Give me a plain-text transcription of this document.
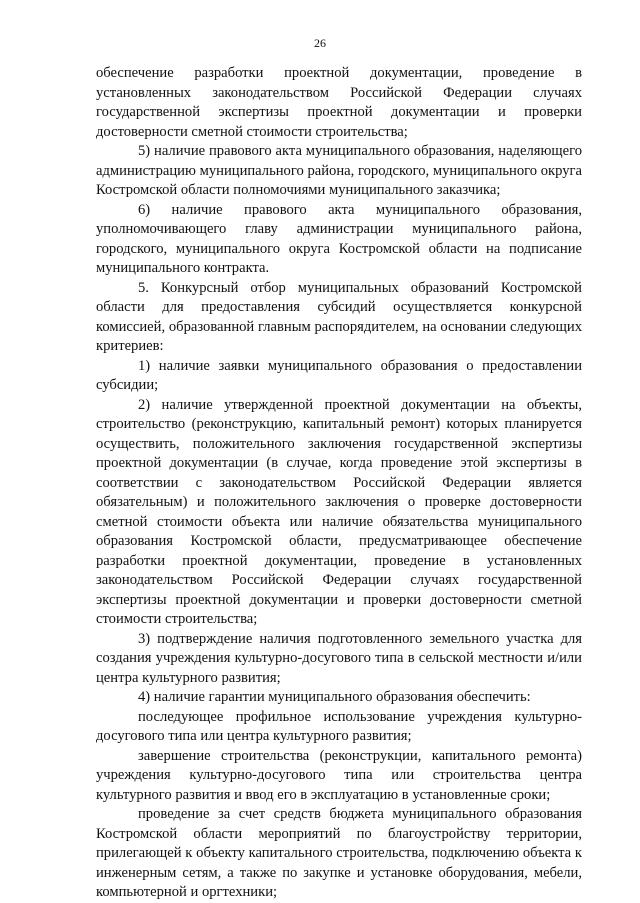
26

обеспечение разработки проектной документации, проведение в установленных законодательством Российской Федерации случаях государственной экспертизы проектной документации и проверки достоверности сметной стоимости строительства;

5) наличие правового акта муниципального образования, наделяющего администрацию муниципального района, городского, муниципального округа Костромской области полномочиями муниципального заказчика;

6) наличие правового акта муниципального образования, уполномочивающего главу администрации муниципального района, городского, муниципального округа Костромской области на подписание муниципального контракта.

5. Конкурсный отбор муниципальных образований Костромской области для предоставления субсидий осуществляется конкурсной комиссией, образованной главным распорядителем, на основании следующих критериев:

1) наличие заявки муниципального образования о предоставлении субсидии;

2) наличие утвержденной проектной документации на объекты, строительство (реконструкцию, капитальный ремонт) которых планируется осуществить, положительного заключения государственной экспертизы проектной документации (в случае, когда проведение этой экспертизы в соответствии с законодательством Российской Федерации является обязательным) и положительного заключения о проверке достоверности сметной стоимости объекта или наличие обязательства муниципального образования Костромской области, предусматривающее обеспечение разработки проектной документации, проведение в установленных законодательством Российской Федерации случаях государственной экспертизы проектной документации и проверки достоверности сметной стоимости строительства;

3) подтверждение наличия подготовленного земельного участка для создания учреждения культурно-досугового типа в сельской местности и/или центра культурного развития;

4) наличие гарантии муниципального образования обеспечить:

последующее профильное использование учреждения культурно-досугового типа или центра культурного развития;

завершение строительства (реконструкции, капитального ремонта) учреждения культурно-досугового типа или строительства центра культурного развития и ввод его в эксплуатацию в установленные сроки;

проведение за счет средств бюджета муниципального образования Костромской области мероприятий по благоустройству территории, прилегающей к объекту капитального строительства, подключению объекта к инженерным сетям, а также по закупке и установке оборудования, мебели, компьютерной и оргтехники;
